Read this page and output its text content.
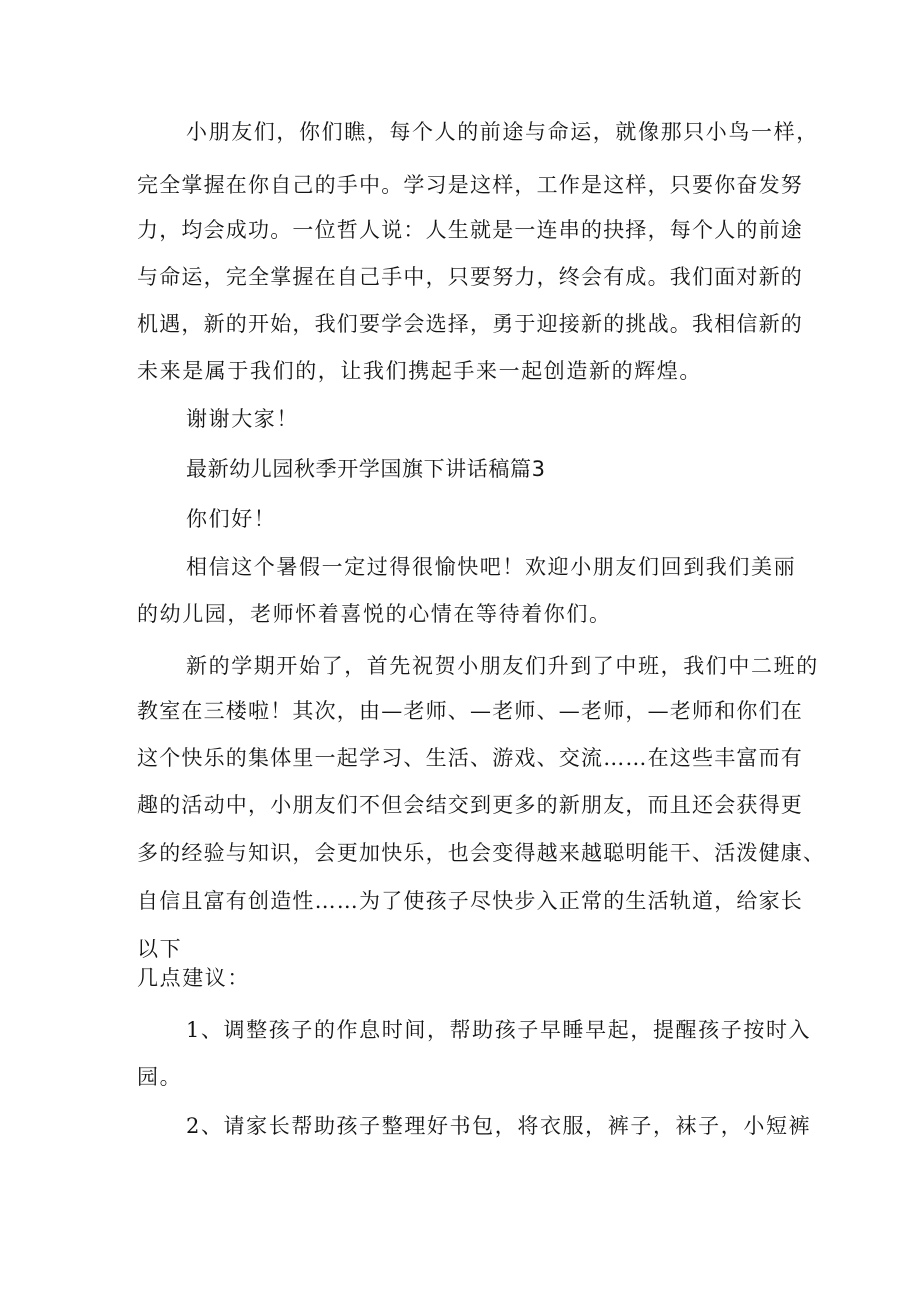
小朋友们，你们瞧，每个人的前途与命运，就像那只小鸟一样，
完全掌握在你自己的手中。学习是这样，工作是这样，只要你奋发努
力，均会成功。一位哲人说：人生就是一连串的抉择，每个人的前途
与命运，完全掌握在自己手中，只要努力，终会有成。我们面对新的
机遇，新的开始，我们要学会选择，勇于迎接新的挑战。我相信新的
未来是属于我们的，让我们携起手来一起创造新的辉煌。
谢谢大家！
最新幼儿园秋季开学国旗下讲话稿篇3
你们好！
相信这个暑假一定过得很愉快吧！欢迎小朋友们回到我们美丽
的幼儿园，老师怀着喜悦的心情在等待着你们。
新的学期开始了，首先祝贺小朋友们升到了中班，我们中二班的
教室在三楼啦！其次，由—老师、—老师、—老师，—老师和你们在
这个快乐的集体里一起学习、生活、游戏、交流……在这些丰富而有
趣的活动中，小朋友们不但会结交到更多的新朋友，而且还会获得更
多的经验与知识，会更加快乐，也会变得越来越聪明能干、活泼健康、
自信且富有创造性……为了使孩子尽快步入正常的生活轨道，给家长
以下
几点建议：
1、调整孩子的作息时间，帮助孩子早睡早起，提醒孩子按时入
园。
2、请家长帮助孩子整理好书包，将衣服，裤子，袜子，小短裤
